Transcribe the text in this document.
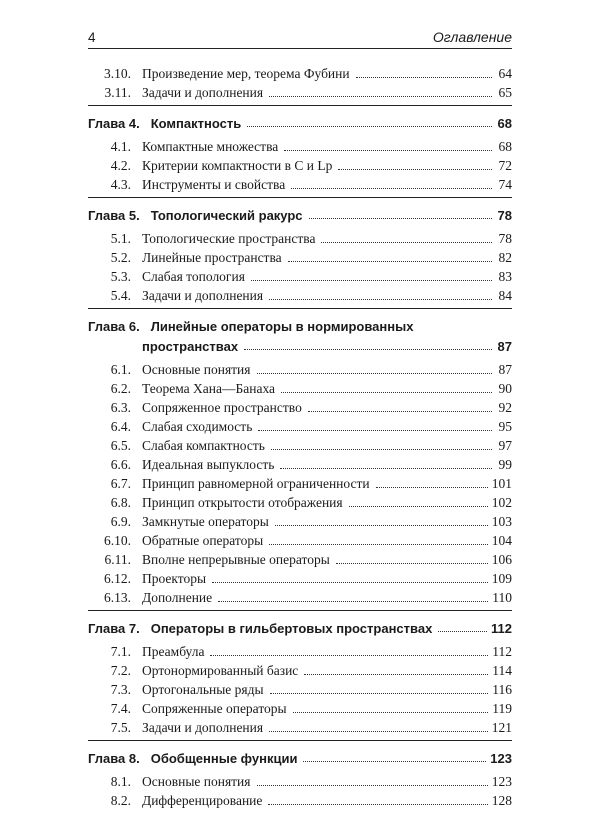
4	Оглавление
3.10. Произведение мер, теорема Фубини	64
3.11. Задачи и дополнения	65
Глава 4. Компактность	68
4.1. Компактные множества	68
4.2. Критерии компактности в C и Lp	72
4.3. Инструменты и свойства	74
Глава 5. Топологический ракурс	78
5.1. Топологические пространства	78
5.2. Линейные пространства	82
5.3. Слабая топология	83
5.4. Задачи и дополнения	84
Глава 6. Линейные операторы в нормированных
пространствах	87
6.1. Основные понятия	87
6.2. Теорема Хана—Банаха	90
6.3. Сопряженное пространство	92
6.4. Слабая сходимость	95
6.5. Слабая компактность	97
6.6. Идеальная выпуклость	99
6.7. Принцип равномерной ограниченности	101
6.8. Принцип открытости отображения	102
6.9. Замкнутые операторы	103
6.10. Обратные операторы	104
6.11. Вполне непрерывные операторы	106
6.12. Проекторы	109
6.13. Дополнение	110
Глава 7. Операторы в гильбертовых пространствах	112
7.1. Преамбула	112
7.2. Ортонормированный базис	114
7.3. Ортогональные ряды	116
7.4. Сопряженные операторы	119
7.5. Задачи и дополнения	121
Глава 8. Обобщенные функции	123
8.1. Основные понятия	123
8.2. Дифференцирование	128
